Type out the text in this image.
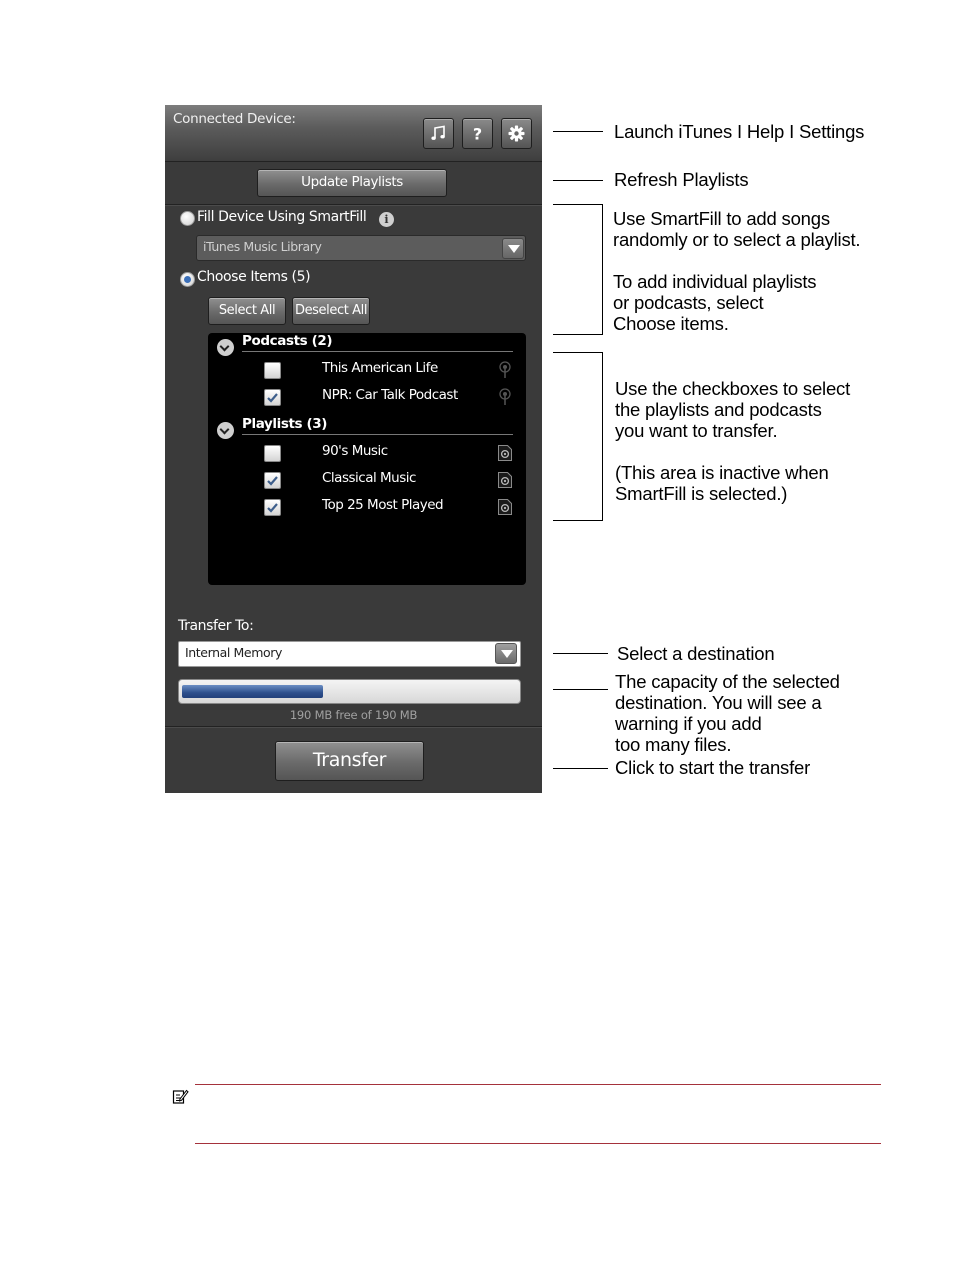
Connected Device:
?
Update Playlists
Fill Device Using SmartFill	i
iTunes Music Library
Choose Items (5)
Select All	Deselect All
Podcasts (2)
This American Life
NPR: Car Talk Podcast
Playlists (3)
90's Music
Classical Music
Top 25 Most Played
Transfer To:
Internal Memory
190 MB free of 190 MB
Transfer
Launch iTunes I Help I Settings
Refresh Playlists
Use SmartFill to add songs
randomly or to select a playlist.

To add individual playlists
or podcasts, select
Choose items.
Use the checkboxes to select
the playlists and podcasts
you want to transfer.

(This area is inactive when
SmartFill is selected.)
Select a destination
The capacity of the selected
destination. You will see a
warning if you add
too many files.
Click to start the transfer
